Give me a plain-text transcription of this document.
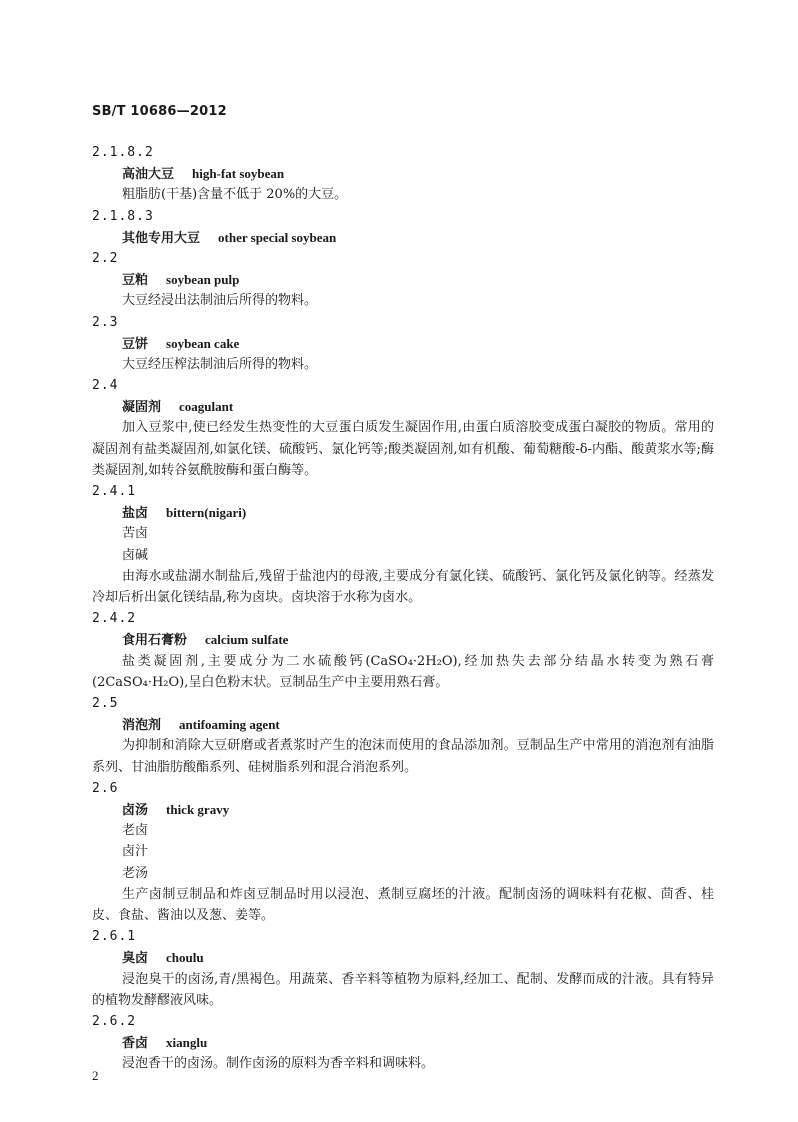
SB/T 10686—2012
2.1.8.2
高油大豆 high-fat soybean
粗脂肪(干基)含量不低于 20%的大豆。
2.1.8.3
其他专用大豆 other special soybean
2.2
豆粕 soybean pulp
大豆经浸出法制油后所得的物料。
2.3
豆饼 soybean cake
大豆经压榨法制油后所得的物料。
2.4
凝固剂 coagulant
加入豆浆中,使已经发生热变性的大豆蛋白质发生凝固作用,由蛋白质溶胶变成蛋白凝胶的物质。常用的凝固剂有盐类凝固剂,如氯化镁、硫酸钙、氯化钙等;酸类凝固剂,如有机酸、葡萄糖酸-δ-内酯、酸黄浆水等;酶类凝固剂,如转谷氨酰胺酶和蛋白酶等。
2.4.1
盐卤 bittern(nigari)
苦卤
卤碱
由海水或盐湖水制盐后,残留于盐池内的母液,主要成分有氯化镁、硫酸钙、氯化钙及氯化钠等。经蒸发冷却后析出氯化镁结晶,称为卤块。卤块溶于水称为卤水。
2.4.2
食用石膏粉 calcium sulfate
盐类凝固剂,主要成分为二水硫酸钙(CaSO₄·2H₂O),经加热失去部分结晶水转变为熟石膏(2CaSO₄·H₂O),呈白色粉末状。豆制品生产中主要用熟石膏。
2.5
消泡剂 antifoaming agent
为抑制和消除大豆研磨或者煮浆时产生的泡沫而使用的食品添加剂。豆制品生产中常用的消泡剂有油脂系列、甘油脂肪酸酯系列、硅树脂系列和混合消泡系列。
2.6
卤汤 thick gravy
老卤
卤汁
老汤
生产卤制豆制品和炸卤豆制品时用以浸泡、煮制豆腐坯的汁液。配制卤汤的调味料有花椒、茴香、桂皮、食盐、酱油以及葱、姜等。
2.6.1
臭卤 choulu
浸泡臭干的卤汤,青/黑褐色。用蔬菜、香辛料等植物为原料,经加工、配制、发酵而成的汁液。具有特异的植物发酵醪液风味。
2.6.2
香卤 xianglu
浸泡香干的卤汤。制作卤汤的原料为香辛料和调味料。
2
